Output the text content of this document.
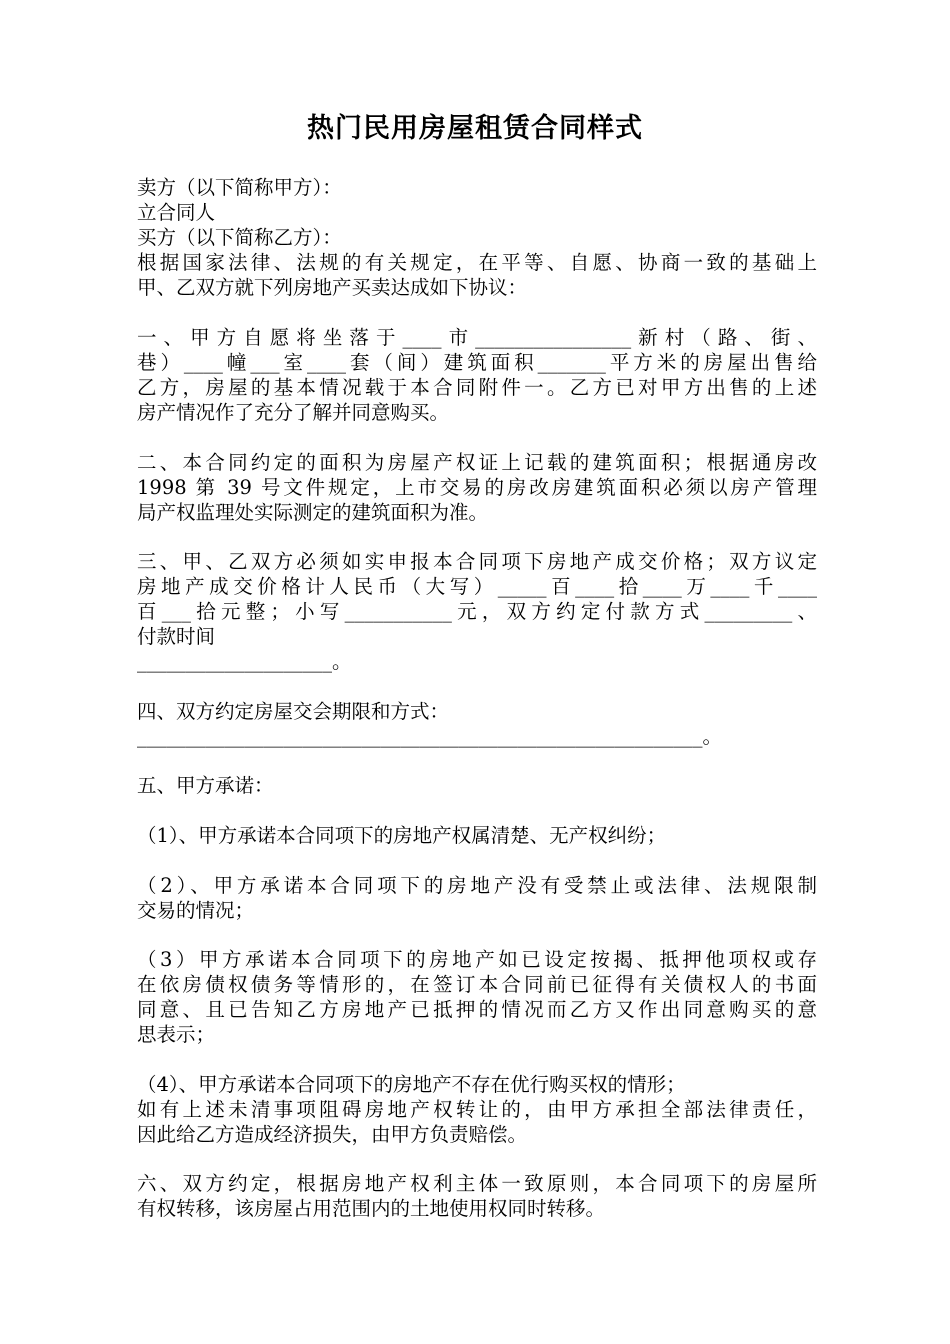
热门民用房屋租赁合同样式
卖方（以下简称甲方）：
立合同人
买方（以下简称乙方）：
根据国家法律、法规的有关规定，在平等、自愿、协商一致的基础上
甲、乙双方就下列房地产买卖达成如下协议：
一、甲方自愿将坐落于____市________________新村（路、街、
巷）____幢___室____套（间）建筑面积_______平方米的房屋出售给
乙方，房屋的基本情况载于本合同附件一。乙方已对甲方出售的上述
房产情况作了充分了解并同意购买。
二、本合同约定的面积为房屋产权证上记载的建筑面积；根据通房改
1998 第 39 号文件规定，上市交易的房改房建筑面积必须以房产管理
局产权监理处实际测定的建筑面积为准。
三、甲、乙双方必须如实申报本合同项下房地产成交价格；双方议定
房地产成交价格计人民币（大写）_____百____拾____万____千____
百___拾元整；小写___________元，双方约定付款方式_________、
付款时间
____________________。
四、双方约定房屋交会期限和方式：
__________________________________________________________。
五、甲方承诺：
（1）、甲方承诺本合同项下的房地产权属清楚、无产权纠纷；
（2）、甲方承诺本合同项下的房地产没有受禁止或法律、法规限制
交易的情况；
（3）甲方承诺本合同项下的房地产如已设定按揭、抵押他项权或存
在依房债权债务等情形的，在签订本合同前已征得有关债权人的书面
同意、且已告知乙方房地产已抵押的情况而乙方又作出同意购买的意
思表示；
（4）、甲方承诺本合同项下的房地产不存在优行购买权的情形；
如有上述未清事项阻碍房地产权转让的，由甲方承担全部法律责任，
因此给乙方造成经济损失，由甲方负责赔偿。
六、双方约定，根据房地产权利主体一致原则，本合同项下的房屋所
有权转移，该房屋占用范围内的土地使用权同时转移。
